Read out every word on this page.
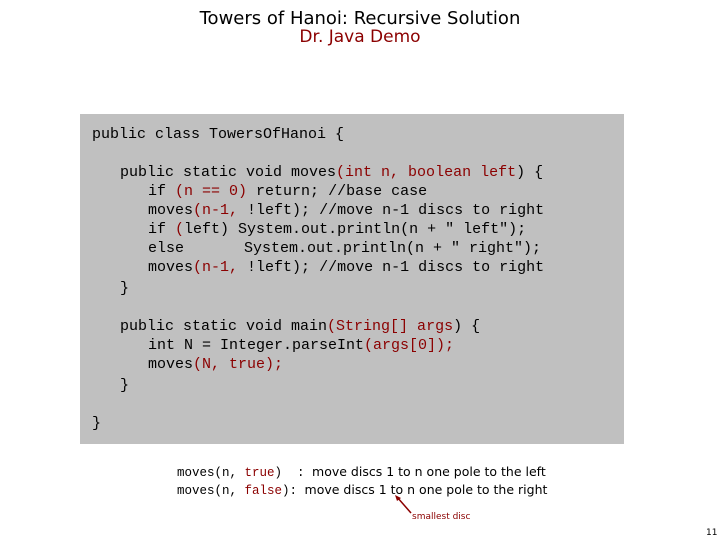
Towers of Hanoi: Recursive Solution
Dr. Java Demo
public class TowersOfHanoi {
public static void moves(int n, boolean left) {
if (n == 0) return; //base case
moves(n-1, !left); //move n-1 discs to right
if (left) System.out.println(n + " left");
else	System.out.println(n + " right");
moves(n-1, !left); //move n-1 discs to right
}
public static void main(String[] args) {
int N = Integer.parseInt(args[0]);
moves(N, true);
}
}
moves(n, true)  : move discs 1 to n one pole to the left
moves(n, false): move discs 1 to n one pole to the right
smallest disc
11
